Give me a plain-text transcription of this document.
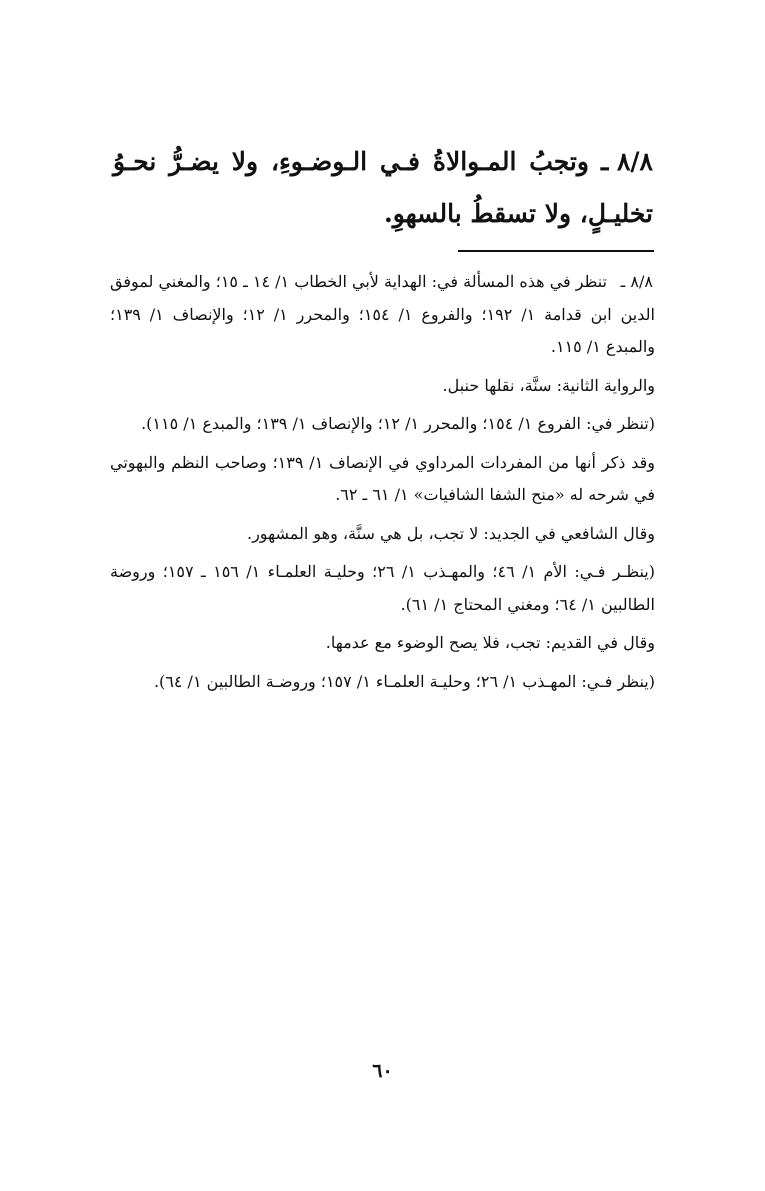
٨/٨ ـوتجبُ المـوالاةُ فـي الـوضـوءِ، ولا يضـرُّ نحـوُ تخليـلٍ، ولا تسقطُ بالسهوِ.
٨/٨ ـ

تنظر في هذه المسألة في: الهداية لأبي الخطاب ١/ ١٤ ـ ١٥؛ والمغني لموفق الدين ابن قدامة ١/ ١٩٢؛ والفروع ١/ ١٥٤؛ والمحرر ١/ ١٢؛ والإنصاف ١/ ١٣٩؛ والمبدع ١/ ١١٥.

والرواية الثانية: سنَّة، نقلها حنبل.

(تنظر في: الفروع ١/ ١٥٤؛ والمحرر ١/ ١٢؛ والإنصاف ١/ ١٣٩؛ والمبدع ١/ ١١٥).

وقد ذكر أنها من المفردات المرداوي في الإنصاف ١/ ١٣٩؛ وصاحب النظم والبهوتي في شرحه له «منح الشفا الشافيات» ١/ ٦١ ـ ٦٢.

وقال الشافعي في الجديد: لا تجب، بل هي سنَّة، وهو المشهور.

(ينظـر فـي: الأم ١/ ٤٦؛ والمهـذب ١/ ٢٦؛ وحليـة العلمـاء ١/ ١٥٦ ـ ١٥٧؛ وروضة الطالبين ١/ ٦٤؛ ومغني المحتاج ١/ ٦١).

وقال في القديم: تجب، فلا يصح الوضوء مع عدمها.

(ينظر فـي: المهـذب ١/ ٢٦؛ وحليـة العلمـاء ١/ ١٥٧؛ وروضـة الطالبين ١/ ٦٤).

٦٠
